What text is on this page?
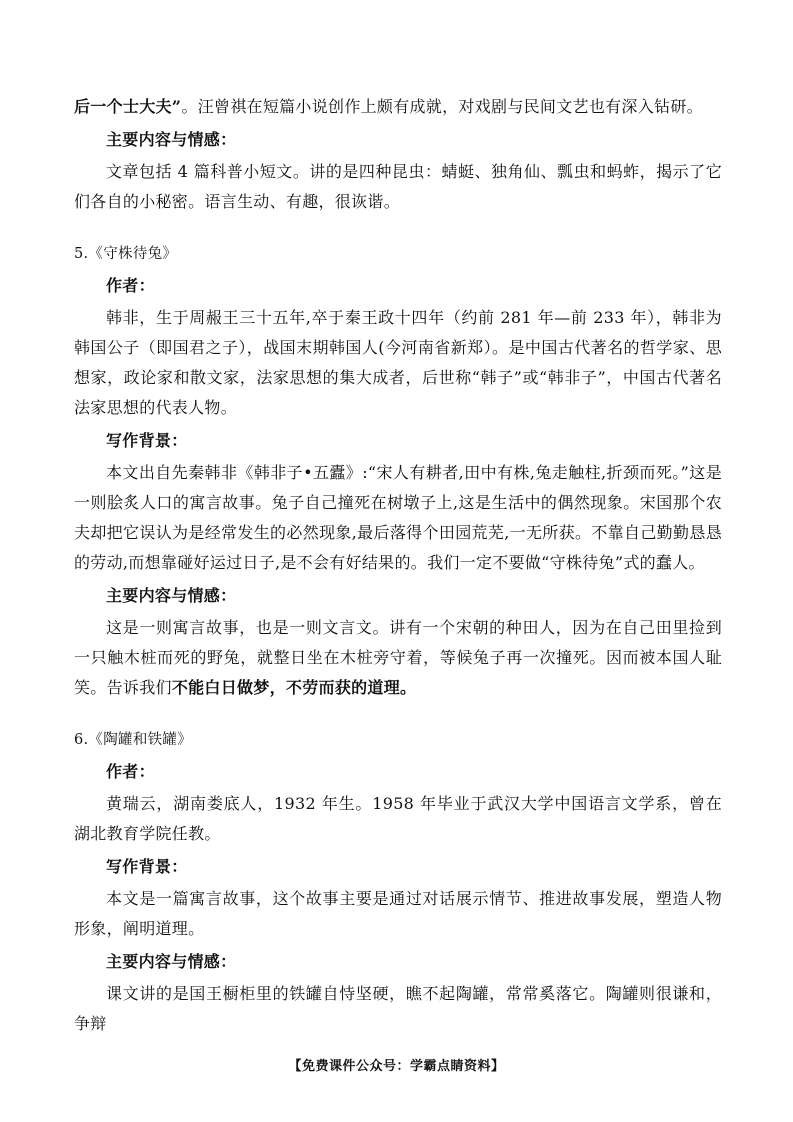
后一个士大夫”。汪曾祺在短篇小说创作上颇有成就，对戏剧与民间文艺也有深入钻研。

主要内容与情感：

文章包括 4 篇科普小短文。讲的是四种昆虫：蜻蜓、独角仙、瓢虫和蚂蚱，揭示了它们各自的小秘密。语言生动、有趣，很诙谐。

5.《守株待兔》
作者：

韩非，生于周赧王三十五年,卒于秦王政十四年（约前 281 年—前 233 年），韩非为韩国公子（即国君之子），战国末期韩国人(今河南省新郑）。是中国古代著名的哲学家、思想家，政论家和散文家，法家思想的集大成者，后世称“韩子”或“韩非子”，中国古代著名法家思想的代表人物。

写作背景：

本文出自先秦韩非《韩非子•五蠹》:“宋人有耕者,田中有株,兔走触柱,折颈而死。”这是一则脍炙人口的寓言故事。兔子自己撞死在树墩子上,这是生活中的偶然现象。宋国那个农夫却把它误认为是经常发生的必然现象,最后落得个田园荒芜,一无所获。不靠自己勤勤恳恳的劳动,而想靠碰好运过日子,是不会有好结果的。我们一定不要做“守株待兔”式的蠢人。

主要内容与情感：

这是一则寓言故事，也是一则文言文。讲有一个宋朝的种田人，因为在自己田里捡到一只触木桩而死的野兔，就整日坐在木桩旁守着，等候兔子再一次撞死。因而被本国人耻笑。告诉我们不能白日做梦，不劳而获的道理。

6.《陶罐和铁罐》
作者：

黄瑞云，湖南娄底人，1932 年生。1958 年毕业于武汉大学中国语言文学系，曾在湖北教育学院任教。

写作背景：

本文是一篇寓言故事，这个故事主要是通过对话展示情节、推进故事发展，塑造人物形象，阐明道理。

主要内容与情感：

课文讲的是国王橱柜里的铁罐自恃坚硬，瞧不起陶罐，常常奚落它。陶罐则很谦和，争辩

【免费课件公众号：学霸点睛资料】
